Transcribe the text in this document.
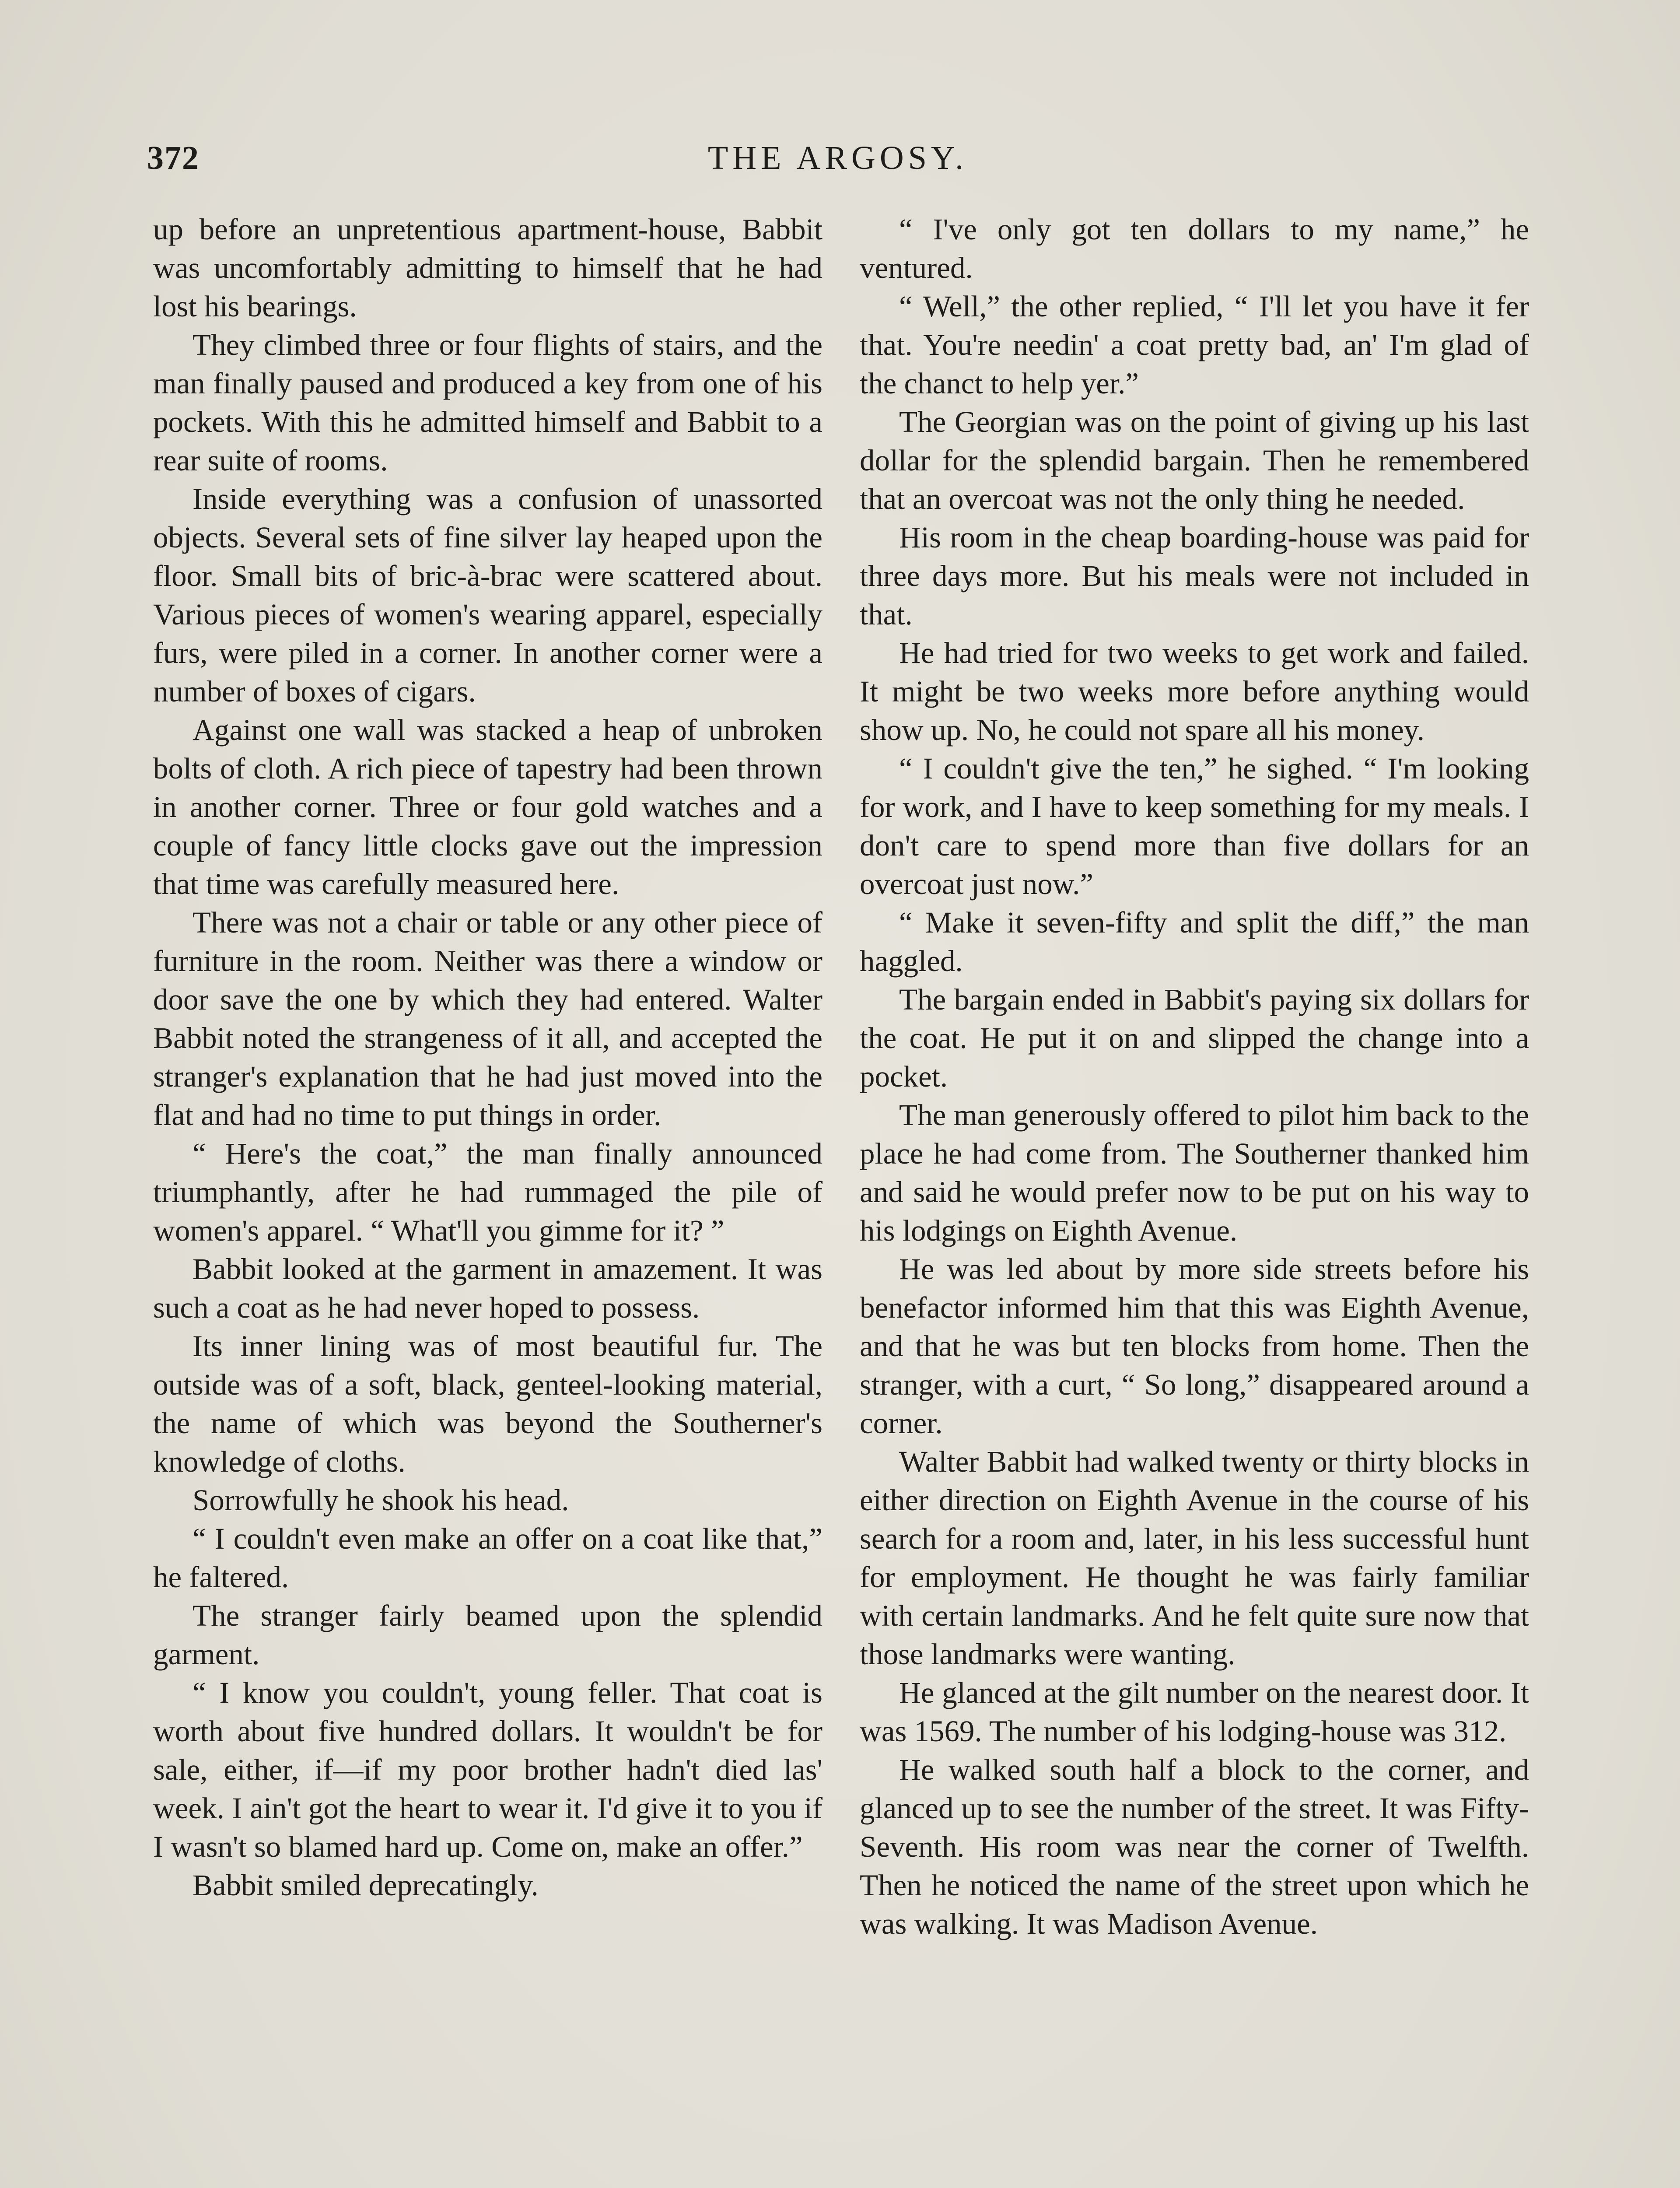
372	THE ARGOSY.

up before an unpretentious apartment-house, Babbit was uncomfortably admitting to himself that he had lost his bearings.

They climbed three or four flights of stairs, and the man finally paused and produced a key from one of his pockets. With this he admitted himself and Babbit to a rear suite of rooms.

Inside everything was a confusion of unassorted objects. Several sets of fine silver lay heaped upon the floor. Small bits of bric-à-brac were scattered about. Various pieces of women's wearing apparel, especially furs, were piled in a corner. In another corner were a number of boxes of cigars.

Against one wall was stacked a heap of unbroken bolts of cloth. A rich piece of tapestry had been thrown in another corner. Three or four gold watches and a couple of fancy little clocks gave out the impression that time was carefully measured here.

There was not a chair or table or any other piece of furniture in the room. Neither was there a window or door save the one by which they had entered. Walter Babbit noted the strangeness of it all, and accepted the stranger's explanation that he had just moved into the flat and had no time to put things in order.

“ Here's the coat,” the man finally announced triumphantly, after he had rummaged the pile of women's apparel. “ What'll you gimme for it? ”

Babbit looked at the garment in amazement. It was such a coat as he had never hoped to possess.

Its inner lining was of most beautiful fur. The outside was of a soft, black, genteel-looking material, the name of which was beyond the Southerner's knowledge of cloths.

Sorrowfully he shook his head.

“ I couldn't even make an offer on a coat like that,” he faltered.

The stranger fairly beamed upon the splendid garment.

“ I know you couldn't, young feller. That coat is worth about five hundred dollars. It wouldn't be for sale, either, if—if my poor brother hadn't died las' week. I ain't got the heart to wear it. I'd give it to you if I wasn't so blamed hard up. Come on, make an offer.”

Babbit smiled deprecatingly.

“ I've only got ten dollars to my name,” he ventured.

“ Well,” the other replied, “ I'll let you have it fer that. You're needin' a coat pretty bad, an' I'm glad of the chanct to help yer.”

The Georgian was on the point of giving up his last dollar for the splendid bargain. Then he remembered that an overcoat was not the only thing he needed.

His room in the cheap boarding-house was paid for three days more. But his meals were not included in that.

He had tried for two weeks to get work and failed. It might be two weeks more before anything would show up. No, he could not spare all his money.

“ I couldn't give the ten,” he sighed. “ I'm looking for work, and I have to keep something for my meals. I don't care to spend more than five dollars for an overcoat just now.”

“ Make it seven-fifty and split the diff,” the man haggled.

The bargain ended in Babbit's paying six dollars for the coat. He put it on and slipped the change into a pocket.

The man generously offered to pilot him back to the place he had come from. The Southerner thanked him and said he would prefer now to be put on his way to his lodgings on Eighth Avenue.

He was led about by more side streets before his benefactor informed him that this was Eighth Avenue, and that he was but ten blocks from home. Then the stranger, with a curt, “ So long,” disappeared around a corner.

Walter Babbit had walked twenty or thirty blocks in either direction on Eighth Avenue in the course of his search for a room and, later, in his less successful hunt for employment. He thought he was fairly familiar with certain landmarks. And he felt quite sure now that those landmarks were wanting.

He glanced at the gilt number on the nearest door. It was 1569. The number of his lodging-house was 312.

He walked south half a block to the corner, and glanced up to see the number of the street. It was Fifty-Seventh. His room was near the corner of Twelfth. Then he noticed the name of the street upon which he was walking. It was Madison Avenue.
